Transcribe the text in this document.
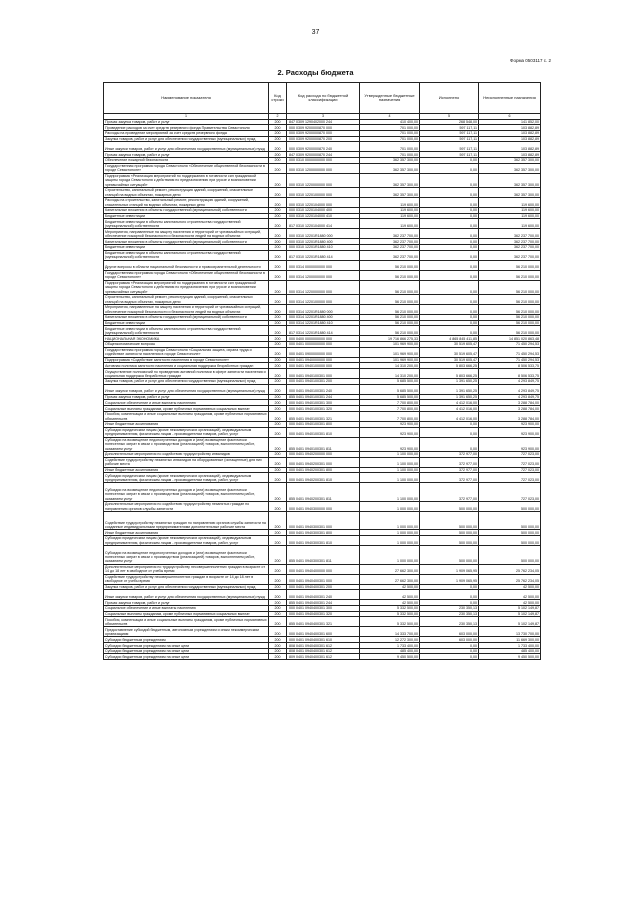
37
Форма 0503117 с. 2
2. Расходы бюджета
Наименование показателя	Код строки	Код расхода по бюджетной классификации	Утвержденные бюджетные назначения	Исполнено	Неисполненные назначения
1	2	3	4	5	6
Прочая закупка товаров, работ и услуг	200	847 0309 1290402000 244	410 400,00	268 548,00	141 852,00
Проведение расходов за счет средств резервного фонда Правительства Севастополя	200	000 0309 9200000870 000	701 000,00	597 117,11	103 882,89
Расходы на проведение мероприятий за счет средств резервного фонда	200	000 0309 9200000870 000	701 000,00	597 117,11	103 882,89
Закупка товаров, работ и услуг для обеспечения государственных (муниципальных) нужд	200	000 0309 9200000870 200	701 000,00	597 117,11	103 882,89
Иные закупки товаров, работ и услуг для обеспечения государственных (муниципальных) нужд	200	000 0309 9200000870 240	701 000,00	597 117,11	103 882,89
Прочая закупка товаров, работ и услуг	200	847 0309 9200000870 244	701 000,00	597 117,11	103 882,89
Обеспечение пожарной безопасности	200	000 0310 0000000000 000	362 357 300,00	0,00	362 357 300,00
Государственная программа города Севастополя «Обеспечение общественной безопасности в городе Севастополе»	200	000 0310 1200000000 000	362 357 300,00	0,00	362 357 300,00
Подпрограмма «Реализация мероприятий по поддержанию в готовности сил гражданской защиты города Севастополя к действиям по предназначению при угрозе и возникновении чрезвычайных ситуаций»	200	000 0310 1220000000 000	362 357 300,00	0,00	362 357 300,00
Строительство, капитальный ремонт, реконструкция зданий, сооружений, спасательные станций на водных объектах, пожарных депо	200	000 0310 1220100000 000	362 357 300,00	0,00	362 357 300,00
Расходы на строительство, капитальный ремонт, реконструкцию зданий, сооружений, спасательных станций на водных объектах, пожарных депо	200	000 0310 1220104000 000	119 600,00	0,00	119 600,00
Капитальные вложения в объекты государственной (муниципальной) собственности	200	000 0310 1220104000 400	119 600,00	0,00	119 600,00
Бюджетные инвестиции	200	000 0310 1220104000 410	119 600,00	0,00	119 600,00
Бюджетные инвестиции в объекты капитального строительства государственной (муниципальной) собственности	200	817 0310 1220104000 414	119 600,00	0,00	119 600,00
Мероприятия, направленные на защиту населения и территорий от чрезвычайных ситуаций, обеспечение пожарной безопасности и безопасности людей на водных объектах	200	000 0310 12201R1880 000	362 237 700,00	0,00	362 237 700,00
Капитальные вложения в объекты государственной (муниципальной) собственности	200	000 0310 12201R1880 400	362 237 700,00	0,00	362 237 700,00
Бюджетные инвестиции	200	000 0310 12201R1880 410	362 237 700,00	0,00	362 237 700,00
Бюджетные инвестиции в объекты капитального строительства государственной (муниципальной) собственности	200	817 0310 12201R1880 414	362 237 700,00	0,00	362 237 700,00
Другие вопросы в области национальной безопасности и правоохранительной деятельности	200	000 0314 0000000000 000	56 210 000,00	0,00	56 210 000,00
Государственная программа города Севастополя «Обеспечение общественной безопасности в городе Севастополе»	200	000 0314 1200000000 000	56 210 000,00	0,00	56 210 000,00
Подпрограмма «Реализация мероприятий по поддержанию в готовности сил гражданской защиты города Севастополя к действиям по предназначению при угрозе и возникновении чрезвычайных ситуаций»	200	000 0314 1220000000 000	56 210 000,00	0,00	56 210 000,00
Строительство, капитальный ремонт, реконструкция зданий, сооружений, спасательных станций на водных объектах, пожарных депо	200	000 0314 1220100000 000	56 210 000,00	0,00	56 210 000,00
Мероприятия, направленные на защиту населения и территорий от чрезвычайных ситуаций, обеспечение пожарной безопасности и безопасности людей на водных объектах	200	000 0314 12201R1880 000	56 210 000,00	0,00	56 210 000,00
Капитальные вложения в объекты государственной (муниципальной) собственности	200	000 0314 12201R1880 400	56 210 000,00	0,00	56 210 000,00
Бюджетные инвестиции	200	000 0314 12201R1880 410	56 210 000,00	0,00	56 210 000,00
Бюджетные инвестиции в объекты капитального строительства государственной (муниципальной) собственности	200	817 0314 12201R1880 414	56 210 000,00	0,00	56 210 000,00
НАЦИОНАЛЬНАЯ ЭКОНОМИКА	200	000 0400 0000000000 000	19 716 866 275,33	4 865 845 411,85	14 851 020 863,48
Общеэкономические вопросы	200	000 0401 0000000000 000	101 969 900,00	30 519 605,47	71 450 294,53
Государственная программа города Севастополя «Социальная защита, охрана труда и содействие занятости населения в городе Севастополе»	200	000 0401 0900000000 000	101 969 900,00	30 519 605,47	71 450 294,53
Подпрограмма «Содействие занятости населения в городе Севастополе»	200	000 0401 0940000000 000	101 969 900,00	30 519 605,47	71 450 294,53
Активная политика занятости населения и социальная поддержка безработных граждан	200	000 0401 0940100000 000	14 310 200,00	5 803 666,25	8 506 533,75
Осуществление полномочий по проведению активной политики в сфере занятости населения и социальная поддержка безработных граждан	200	000 0401 0940100301 000	14 310 200,00	5 803 666,25	8 506 533,75
Закупка товаров, работ и услуг для обеспечения государственных (муниципальных) нужд	200	000 0401 0940100301 200	5 685 500,00	1 391 650,25	4 293 849,75
Иные закупки товаров, работ и услуг для обеспечения государственных (муниципальных) нужд	200	000 0401 0940100301 240	5 685 500,00	1 391 650,25	4 293 849,75
Прочая закупка товаров, работ и услуг	200	855 0401 0940100301 244	5 685 500,00	1 391 650,25	4 293 849,75
Социальное обеспечение и иные выплаты населению	200	000 0401 0940100301 300	7 700 800,00	4 412 016,00	3 288 784,00
Социальные выплаты гражданам, кроме публичных нормативных социальных выплат	200	000 0401 0940100301 320	7 700 800,00	4 412 016,00	3 288 784,00
Пособия, компенсации и иные социальные выплаты гражданам, кроме публичных нормативных обязательств	200	855 0401 0940100301 321	7 700 800,00	4 412 016,00	3 288 784,00
Иные бюджетные ассигнования	200	000 0401 0940100301 800	923 900,00	0,00	923 900,00
Субсидии юридическим лицам (кроме некоммерческих организаций), индивидуальным предпринимателям, физическим лицам - производителям товаров, работ, услуг	200	000 0401 0940100301 810	923 900,00	0,00	923 900,00
Субсидии на возмещение недополученных доходов и (или) возмещение фактически понесенных затрат в связи с производством (реализацией) товаров, выполнением работ, оказанием услуг	200	855 0401 0940100301 811	923 900,00	0,00	923 900,00
Дополнительные мероприятия по содействию трудоустройству инвалидов	200	000 0401 0940200000 000	1 100 000,00	372 977,00	727 023,00
Содействие трудоустройству незанятых инвалидов на оборудованные (оснащенные) для них рабочие места	200	000 0401 0940200301 000	1 100 000,00	372 977,00	727 023,00
Иные бюджетные ассигнования	200	000 0401 0940200301 800	1 100 000,00	372 977,00	727 023,00
Субсидии юридическим лицам (кроме некоммерческих организаций), индивидуальным предпринимателям, физическим лицам - производителям товаров, работ, услуг	200	000 0401 0940200301 810	1 100 000,00	372 977,00	727 023,00
Субсидии на возмещение недополученных доходов и (или) возмещение фактически понесенных затрат в связи с производством (реализацией) товаров, выполнением работ, оказанием услуг	200	855 0401 0940200301 811	1 100 000,00	372 977,00	727 023,00
Дополнительные мероприятия по содействию трудоустройству незанятых граждан по направлению органов службы занятости	200	000 0401 0940300000 000	1 000 000,00	500 000,00	500 000,00
Содействие трудоустройству незанятых граждан по направлению органов службы занятости на созданные индивидуальными предпринимателями дополнительные рабочие места	200	000 0401 0940300301 000	1 000 000,00	500 000,00	500 000,00
Иные бюджетные ассигнования	200	000 0401 0940300301 800	1 000 000,00	500 000,00	500 000,00
Субсидии юридическим лицам (кроме некоммерческих организаций), индивидуальным предпринимателям, физическим лицам - производителям товаров, работ, услуг	200	000 0401 0940300301 810	1 000 000,00	500 000,00	500 000,00
Субсидии на возмещение недополученных доходов и (или) возмещение фактически понесенных затрат в связи с производством (реализацией) товаров, выполнением работ, оказанием услуг	200	855 0401 0940300301 811	1 000 000,00	500 000,00	500 000,00
Дополнительные мероприятия по трудоустройству несовершеннолетних граждан в возрасте от 14 до 18 лет в свободное от учебы время	200	000 0401 0940400000 000	27 662 300,00	1 909 065,95	25 762 234,05
Содействие трудоустройству несовершеннолетних граждан в возрасте от 14 до 18 лет в свободное от учебы время	200	000 0401 0940400301 000	27 662 300,00	1 909 065,95	25 762 234,05
Закупка товаров, работ и услуг для обеспечения государственных (муниципальных) нужд	200	000 0401 0940400301 200	42 500,00	0,00	42 500,00
Иные закупки товаров, работ и услуг для обеспечения государственных (муниципальных) нужд	200	000 0401 0940400301 240	42 500,00	0,00	42 500,00
Прочая закупка товаров, работ и услуг	200	855 0401 0940400301 244	42 500,00	0,00	42 500,00
Социальное обеспечение и иные выплаты населению	200	000 0401 0940400301 300	5 332 500,00	230 350,13	5 102 149,87
Социальные выплаты гражданам, кроме публичных нормативных социальных выплат	200	000 0401 0940400301 320	5 332 500,00	230 350,13	5 102 149,87
Пособия, компенсации и иные социальные выплаты гражданам, кроме публичных нормативных обязательств	200	855 0401 0940400301 321	5 332 500,00	230 350,13	5 102 149,87
Предоставление субсидий бюджетным, автономным учреждениям и иным некоммерческим организациям	200	000 0401 0940400301 600	14 333 700,00	603 000,00	13 730 700,00
Субсидии бюджетным учреждениям	200	000 0401 0940400301 610	12 272 300,00	603 000,00	11 669 300,00
Субсидии бюджетным учреждениям на иные цели	200	808 0401 0940400301 612	1 733 400,00	0,00	1 733 400,00
Субсидии бюджетным учреждениям на иные цели	200	808 0401 0940400301 612	485 400,00	0,00	485 400,00
Субсидии бюджетным учреждениям на иные цели	200	809 0401 0940400301 612	9 450 500,00	0,00	9 450 500,00
